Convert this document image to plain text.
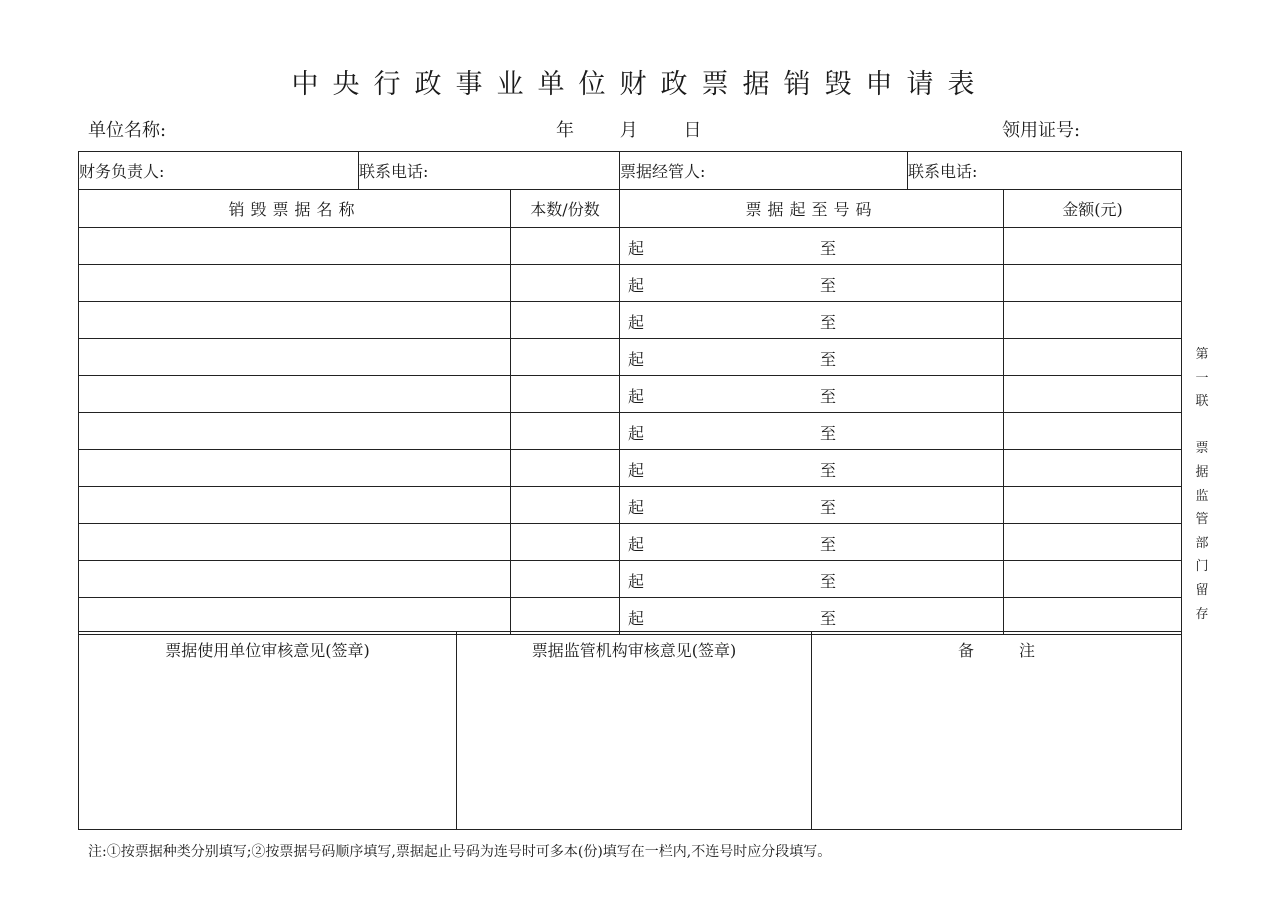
中央行政事业单位财政票据销毁申请表
单位名称:	年 月 日	领用证号:
财务负责人:	联系电话:		票据经管人:	联系电话:	
销毁票据名称		本数/份数	票据起至号码		金额(元)

			起 至		

			起 至		

			起 至		

			起 至		

			起 至		

			起 至		

			起 至		

			起 至		

			起 至		

			起 至		

			起 至		

票据使用单位审核意见(签章)	票据监管机构审核意见(签章)	备 注
注:①按票据种类分别填写;②按票据号码顺序填写,票据起止号码为连号时可多本(份)填写在一栏内,不连号时应分段填写。
第
一
联

票
据
监
管
部
门
留
存
